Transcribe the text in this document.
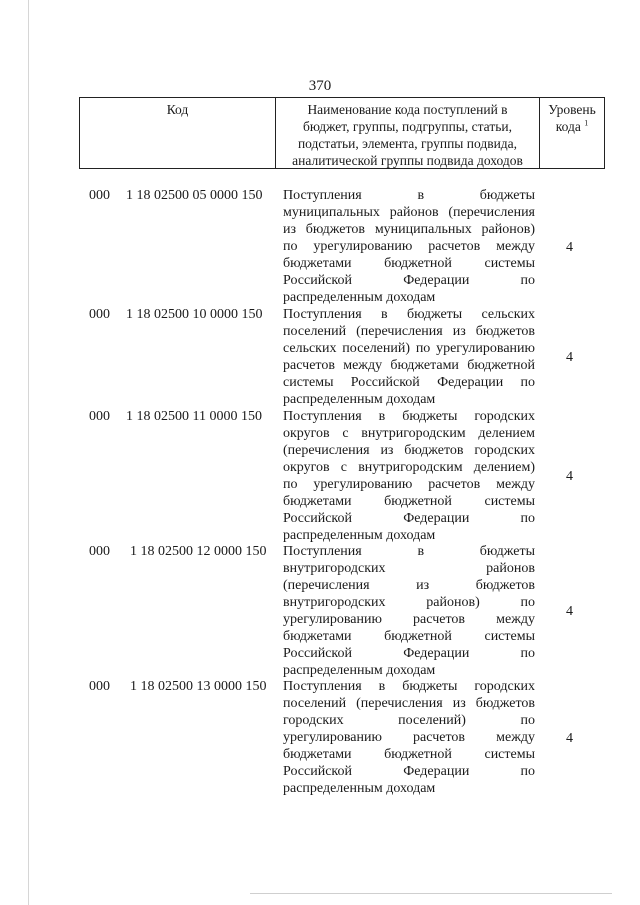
370
Код	Наименование кода поступлений в
бюджет, группы, подгруппы, статьи,
подстатьи, элемента, группы подвида,
аналитической группы подвида доходов
Уровень
кода $^1$
000 1 18 02500 05 0000 150 Поступления в бюджеты
муниципальных районов (перечисления
из бюджетов муниципальных районов)
по урегулированию расчетов между
бюджетами бюджетной системы
Российской Федерации по
распределенным доходам
4
000 1 18 02500 10 0000 150 Поступления в бюджеты сельских
поселений (перечисления из бюджетов
сельских поселений) по урегулированию
расчетов между бюджетами бюджетной
системы Российской Федерации по
распределенным доходам
4
000 1 18 02500 11 0000 150 Поступления в бюджеты городских
округов с внутригородским делением
(перечисления из бюджетов городских
округов с внутригородским делением)
по урегулированию расчетов между
бюджетами бюджетной системы
Российской Федерации по
распределенным доходам
4
000 1 18 02500 12 0000 150 Поступления в бюджеты
внутригородских районов
(перечисления из бюджетов
внутригородских районов) по
урегулированию расчетов между
бюджетами бюджетной системы
Российской Федерации по
распределенным доходам
4
000 1 18 02500 13 0000 150 Поступления в бюджеты городских
поселений (перечисления из бюджетов
городских поселений) по
урегулированию расчетов между
бюджетами бюджетной системы
Российской Федерации по
распределенным доходам
4
